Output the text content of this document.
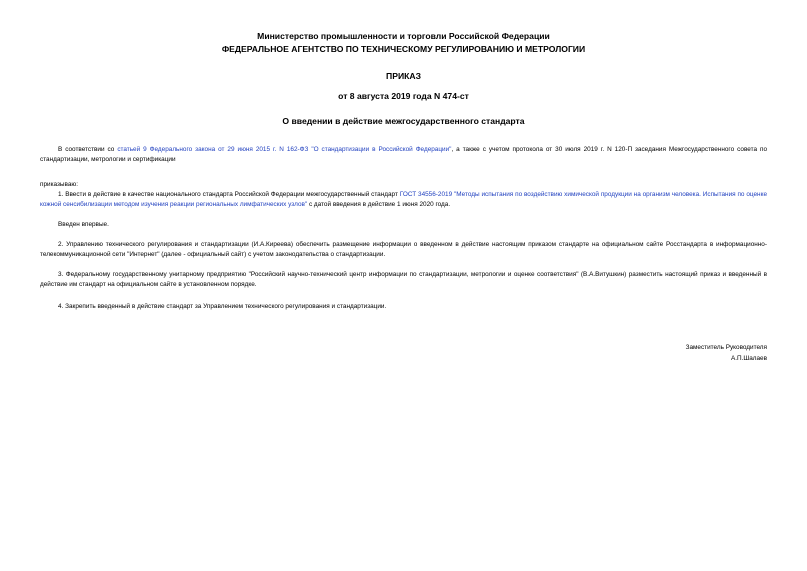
Министерство промышленности и торговли Российской Федерации
ФЕДЕРАЛЬНОЕ АГЕНТСТВО ПО ТЕХНИЧЕСКОМУ РЕГУЛИРОВАНИЮ И МЕТРОЛОГИИ
ПРИКАЗ
от 8 августа 2019 года N 474-ст
О введении в действие межгосударственного стандарта
В соответствии со статьей 9 Федерального закона от 29 июня 2015 г. N 162-ФЗ "О стандартизации в Российской Федерации", а также с учетом протокола от 30 июля 2019 г. N 120-П заседания Межгосударственного совета по стандартизации, метрологии и сертификации
приказываю:
1. Ввести в действие в качестве национального стандарта Российской Федерации межгосударственный стандарт ГОСТ 34556-2019 "Методы испытания по воздействию химической продукции на организм человека. Испытания по оценке кожной сенсибилизации методом изучения реакции региональных лимфатических узлов" с датой введения в действие 1 июня 2020 года.
Введен впервые.
2. Управлению технического регулирования и стандартизации (И.А.Киреева) обеспечить размещение информации о введенном в действие настоящим приказом стандарте на официальном сайте Росстандарта в информационно-телекоммуникационной сети "Интернет" (далее - официальный сайт) с учетом законодательства о стандартизации.
3. Федеральному государственному унитарному предприятию "Российский научно-технический центр информации по стандартизации, метрологии и оценке соответствия" (В.А.Витушкин) разместить настоящий приказ и введенный в действие им стандарт на официальном сайте в установленном порядке.
4. Закрепить введенный в действие стандарт за Управлением технического регулирования и стандартизации.
Заместитель Руководителя
А.П.Шалаев
